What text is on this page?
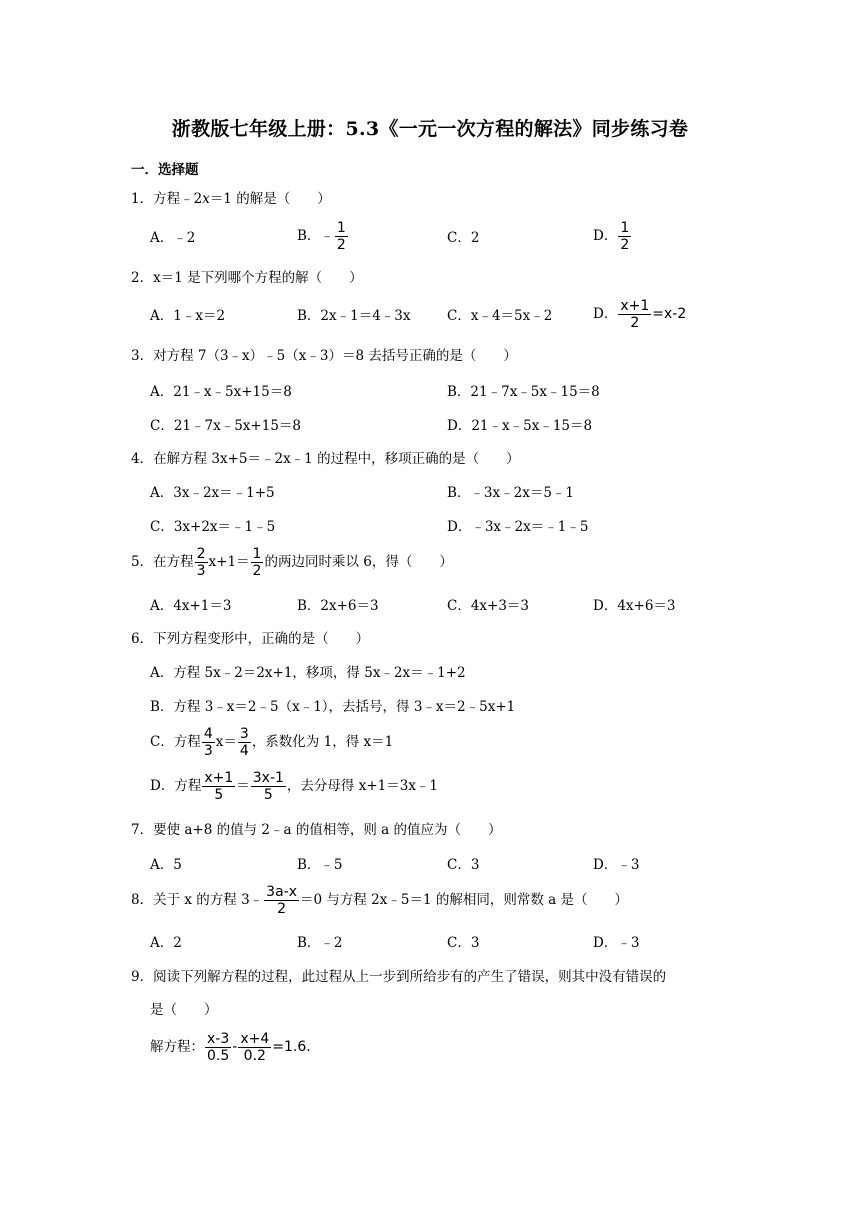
浙教版七年级上册：5.3《一元一次方程的解法》同步练习卷
一．选择题
1．方程﹣2x＝1 的解是（　　）
A．﹣2	B．﹣ $\frac{1}{2}$	C．2	D． $\frac{1}{2}$
2．x＝1 是下列哪个方程的解（　　）
A．1﹣x＝2	B．2x﹣1＝4﹣3x	C．x﹣4＝5x﹣2	D． $\frac{x+1}{2} =x-2$
3．对方程 7（3﹣x）﹣5（x﹣3）＝8 去括号正确的是（　　）
A．21﹣x﹣5x+15＝8	B．21﹣7x﹣5x﹣15＝8
C．21﹣7x﹣5x+15＝8	D．21﹣x﹣5x﹣15＝8
4．在解方程 3x+5＝﹣2x﹣1 的过程中，移项正确的是（　　）
A．3x﹣2x＝﹣1+5	B．﹣3x﹣2x＝5﹣1
C．3x+2x＝﹣1﹣5	D．﹣3x﹣2x＝﹣1﹣5
5．在方程 $\frac{2}{3} x+1= \frac{1}{2}$ 的两边同时乘以 6，得（　　）
A．4x+1＝3	B．2x+6＝3	C．4x+3＝3	D．4x+6＝3
6．下列方程变形中，正确的是（　　）
A．方程 5x﹣2＝2x+1，移项，得 5x﹣2x＝﹣1+2
B．方程 3﹣x＝2﹣5（x﹣1），去括号，得 3﹣x＝2﹣5x+1
C．方程 $\frac{4}{3} x= \frac{3}{4}$ ，系数化为 1，得 x＝1
D．方程 $\frac{x+1}{5} = \frac{3x-1}{5}$ ，去分母得 x+1＝3x﹣1
7．要使 a+8 的值与 2﹣a 的值相等，则 a 的值应为（　　）
A．5	B．﹣5	C．3	D．﹣3
8．关于 x 的方程 3﹣ $\frac{3a-x}{2} =0$ 与方程 2x﹣5＝1 的解相同，则常数 a 是（　　）
A．2	B．﹣2	C．3	D．﹣3
9．阅读下列解方程的过程，此过程从上一步到所给步有的产生了错误，则其中没有错误的
是（　　）
解方程： $\frac{x-3}{0.5} - \frac{x+4}{0.2} =1.6$.
